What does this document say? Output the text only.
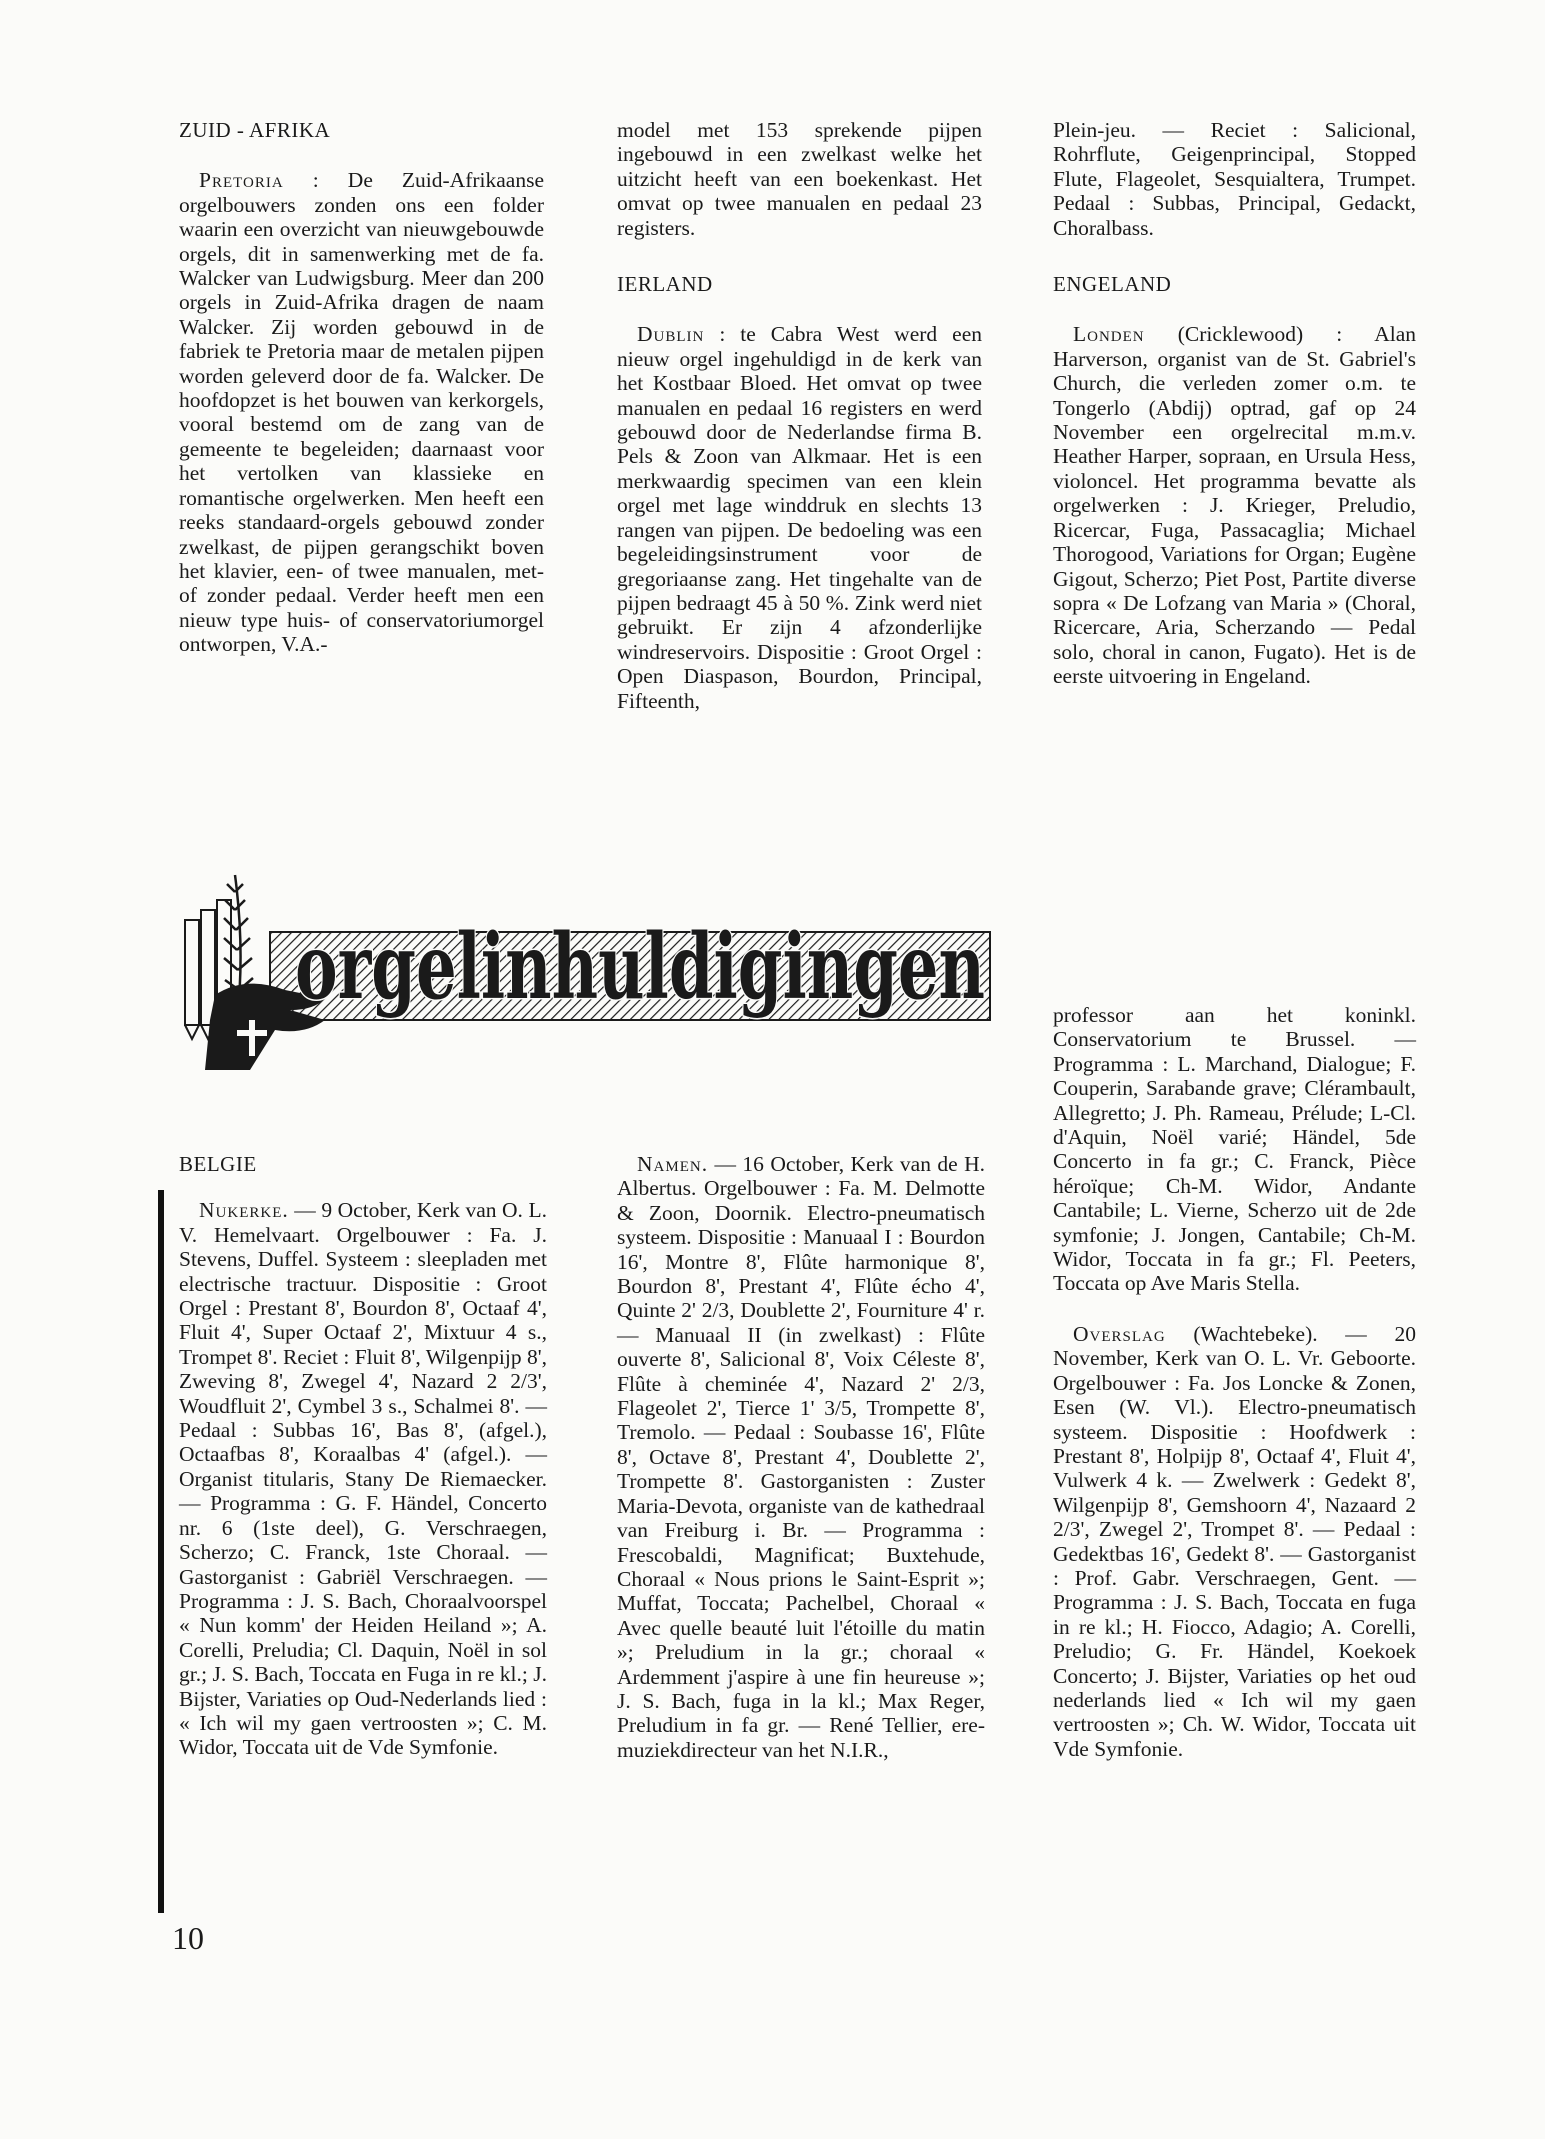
ZUID - AFRIKA

Pretoria : De Zuid-Afrikaanse orgelbouwers zonden ons een folder waarin een overzicht van nieuwgebouwde orgels, dit in samenwerking met de fa. Walcker van Ludwigsburg. Meer dan 200 orgels in Zuid-Afrika dragen de naam Walcker. Zij worden gebouwd in de fabriek te Pretoria maar de metalen pijpen worden geleverd door de fa. Walcker. De hoofdopzet is het bouwen van kerkorgels, vooral bestemd om de zang van de gemeente te begeleiden; daarnaast voor het vertolken van klassieke en romantische orgelwerken. Men heeft een reeks standaard-orgels gebouwd zonder zwelkast, de pijpen gerangschikt boven het klavier, een- of twee manualen, met- of zonder pedaal. Verder heeft men een nieuw type huis- of conservatoriumorgel ontworpen, V.A.-

model met 153 sprekende pijpen ingebouwd in een zwelkast welke het uitzicht heeft van een boekenkast. Het omvat op twee manualen en pedaal 23 registers.

IERLAND

Dublin : te Cabra West werd een nieuw orgel ingehuldigd in de kerk van het Kostbaar Bloed. Het omvat op twee manualen en pedaal 16 registers en werd gebouwd door de Nederlandse firma B. Pels & Zoon van Alkmaar. Het is een merkwaardig specimen van een klein orgel met lage winddruk en slechts 13 rangen van pijpen. De bedoeling was een begeleidingsinstrument voor de gregoriaanse zang. Het tingehalte van de pijpen bedraagt 45 à 50 %. Zink werd niet gebruikt. Er zijn 4 afzonderlijke windreservoirs. Dispositie : Groot Orgel : Open Diaspason, Bourdon, Principal, Fifteenth,

Plein-jeu. — Reciet : Salicional, Rohrflute, Geigenprincipal, Stopped Flute, Flageolet, Sesquialtera, Trumpet. Pedaal : Subbas, Principal, Gedackt, Choralbass.

ENGELAND

Londen (Cricklewood) : Alan Harverson, organist van de St. Gabriel's Church, die verleden zomer o.m. te Tongerlo (Abdij) optrad, gaf op 24 November een orgelrecital m.m.v. Heather Harper, sopraan, en Ursula Hess, violoncel. Het programma bevatte als orgelwerken : J. Krieger, Preludio, Ricercar, Fuga, Passacaglia; Michael Thorogood, Variations for Organ; Eugène Gigout, Scherzo; Piet Post, Partite diverse sopra « De Lofzang van Maria » (Choral, Ricercare, Aria, Scherzando — Pedal solo, choral in canon, Fugato). Het is de eerste uitvoering in Engeland.

orgelinhuldigingen

BELGIE

Nukerke. — 9 October, Kerk van O. L. V. Hemelvaart. Orgelbouwer : Fa. J. Stevens, Duffel. Systeem : sleepladen met electrische tractuur. Dispositie : Groot Orgel : Prestant 8', Bourdon 8', Octaaf 4', Fluit 4', Super Octaaf 2', Mixtuur 4 s., Trompet 8'. Reciet : Fluit 8', Wilgenpijp 8', Zweving 8', Zwegel 4', Nazard 2 2/3', Woudfluit 2', Cymbel 3 s., Schalmei 8'. — Pedaal : Subbas 16', Bas 8', (afgel.), Octaafbas 8', Koraalbas 4' (afgel.). — Organist titularis, Stany De Riemaecker. — Programma : G. F. Händel, Concerto nr. 6 (1ste deel), G. Verschraegen, Scherzo; C. Franck, 1ste Choraal. — Gastorganist : Gabriël Verschraegen. — Programma : J. S. Bach, Choraalvoorspel « Nun komm' der Heiden Heiland »; A. Corelli, Preludia; Cl. Daquin, Noël in sol gr.; J. S. Bach, Toccata en Fuga in re kl.; J. Bijster, Variaties op Oud-Nederlands lied : « Ich wil my gaen vertroosten »; C. M. Widor, Toccata uit de Vde Symfonie.

Namen. — 16 October, Kerk van de H. Albertus. Orgelbouwer : Fa. M. Delmotte & Zoon, Doornik. Electro-pneumatisch systeem. Dispositie : Manuaal I : Bourdon 16', Montre 8', Flûte harmonique 8', Bourdon 8', Prestant 4', Flûte écho 4', Quinte 2' 2/3, Doublette 2', Fourniture 4' r. — Manuaal II (in zwelkast) : Flûte ouverte 8', Salicional 8', Voix Céleste 8', Flûte à cheminée 4', Nazard 2' 2/3, Flageolet 2', Tierce 1' 3/5, Trompette 8', Tremolo. — Pedaal : Soubasse 16', Flûte 8', Octave 8', Prestant 4', Doublette 2', Trompette 8'. Gastorganisten : Zuster Maria-Devota, organiste van de kathedraal van Freiburg i. Br. — Programma : Frescobaldi, Magnificat; Buxtehude, Choraal « Nous prions le Saint-Esprit »; Muffat, Toccata; Pachelbel, Choraal « Avec quelle beauté luit l'étoille du matin »; Preludium in la gr.; choraal « Ardemment j'aspire à une fin heureuse »; J. S. Bach, fuga in la kl.; Max Reger, Preludium in fa gr. — René Tellier, ere-muziekdirecteur van het N.I.R.,

professor aan het koninkl. Conservatorium te Brussel. — Programma : L. Marchand, Dialogue; F. Couperin, Sarabande grave; Clérambault, Allegretto; J. Ph. Rameau, Prélude; L-Cl. d'Aquin, Noël varié; Händel, 5de Concerto in fa gr.; C. Franck, Pièce héroïque; Ch-M. Widor, Andante Cantabile; L. Vierne, Scherzo uit de 2de symfonie; J. Jongen, Cantabile; Ch-M. Widor, Toccata in fa gr.; Fl. Peeters, Toccata op Ave Maris Stella.

Overslag (Wachtebeke). — 20 November, Kerk van O. L. Vr. Geboorte. Orgelbouwer : Fa. Jos Loncke & Zonen, Esen (W. Vl.). Electro-pneumatisch systeem. Dispositie : Hoofdwerk : Prestant 8', Holpijp 8', Octaaf 4', Fluit 4', Vulwerk 4 k. — Zwelwerk : Gedekt 8', Wilgenpijp 8', Gemshoorn 4', Nazaard 2 2/3', Zwegel 2', Trompet 8'. — Pedaal : Gedektbas 16', Gedekt 8'. — Gastorganist : Prof. Gabr. Verschraegen, Gent. — Programma : J. S. Bach, Toccata en fuga in re kl.; H. Fiocco, Adagio; A. Corelli, Preludio; G. Fr. Händel, Koekoek Concerto; J. Bijster, Variaties op het oud nederlands lied « Ich wil my gaen vertroosten »; Ch. W. Widor, Toccata uit Vde Symfonie.

10
